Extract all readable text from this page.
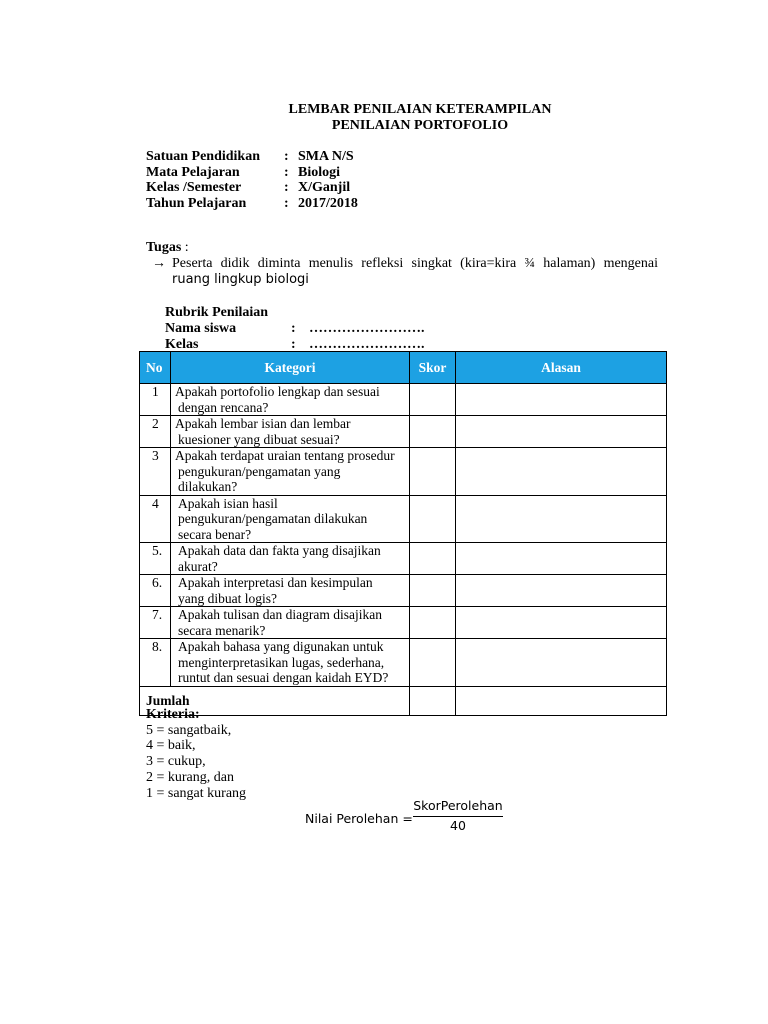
LEMBAR PENILAIAN KETERAMPILAN
PENILAIAN PORTOFOLIO
Satuan Pendidikan : SMA N/S
Mata Pelajaran	: Biologi
Kelas /Semester	: X/Ganjil
Tahun Pelajaran	: 2017/2018
Tugas :
→ Peserta didik diminta menulis refleksi singkat (kira=kira ¾ halaman) mengenai
ruang lingkup biologi
Rubrik Penilaian
Nama siswa	: …………………….
Kelas	: …………………….
No	Kategori	Skor	Alasan
1	Apakah portofolio lengkap dan sesuai
dengan rencana?		

2	Apakah lembar isian dan lembar
kuesioner yang dibuat sesuai?		

3	Apakah terdapat uraian tentang prosedur
pengukuran/pengamatan yang
dilakukan?		

4	Apakah isian hasil
pengukuran/pengamatan dilakukan
secara benar?		

5.	Apakah data dan fakta yang disajikan
akurat?		

6.	Apakah interpretasi dan kesimpulan
yang dibuat logis?		

7.	Apakah tulisan dan diagram disajikan
secara menarik?		

8.	Apakah bahasa yang digunakan untuk
menginterpretasikan lugas, sederhana,
runtut dan sesuai dengan kaidah EYD?		

Jumlah			
Kriteria:
5 = sangatbaik,
4 = baik,
3 = cukup,
2 = kurang, dan
1 = sangat kurang
Nilai Perolehan =
SkorPerolehan
40
